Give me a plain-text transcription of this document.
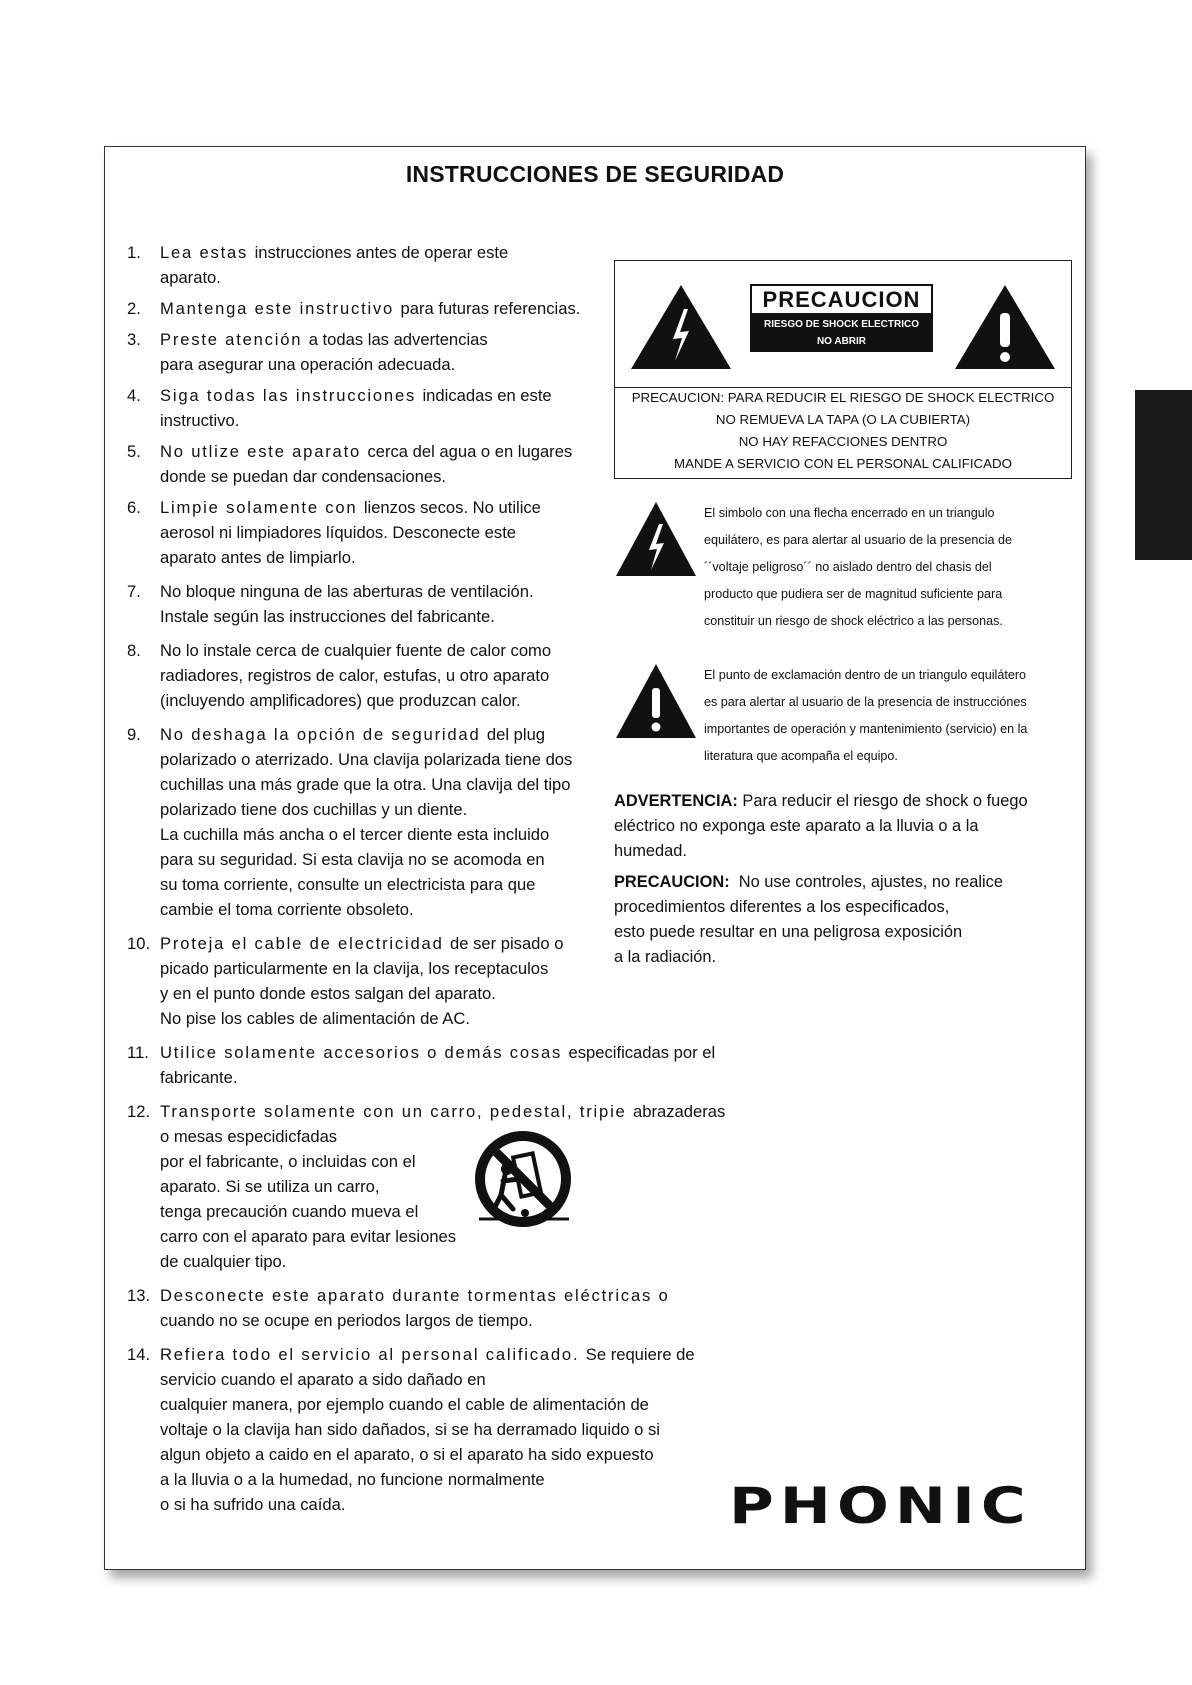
INSTRUCCIONES DE SEGURIDAD
1. Lea estas instrucciones antes de operar este
aparato.
2. Mantenga este instructivo para futuras referencias.
3. Preste atención a todas las advertencias
para asegurar una operación adecuada.
4. Siga todas las instrucciones indicadas en este
instructivo.
5. No utlize este aparato cerca del agua o en lugares
donde se puedan dar condensaciones.
6. Limpie solamente con lienzos secos. No utilice
aerosol ni limpiadores líquidos. Desconecte este
aparato antes de limpiarlo.
7. No bloque ninguna de las aberturas de ventilación.
Instale según las instrucciones del fabricante.
8. No lo instale cerca de cualquier fuente de calor como
radiadores, registros de calor, estufas, u otro aparato
(incluyendo amplificadores) que produzcan calor.
9. No deshaga la opción de seguridad del plug
polarizado o aterrizado. Una clavija polarizada tiene dos
cuchillas una más grade que la otra. Una clavija del tipo
polarizado tiene dos cuchillas y un diente.
La cuchilla más ancha o el tercer diente esta incluido
para su seguridad. Si esta clavija no se acomoda en
su toma corriente, consulte un electricista para que
cambie el toma corriente obsoleto.
10. Proteja el cable de electricidad de ser pisado o
picado particularmente en la clavija, los receptaculos
y en el punto donde estos salgan del aparato.
No pise los cables de alimentación de AC.
11. Utilice solamente accesorios o demás cosas especificadas por el fabricante.
12. Transporte solamente con un carro, pedestal, tripie abrazaderas o mesas especidicfadas
por el fabricante, o incluidas con el
aparato. Si se utiliza un carro,
tenga precaución cuando mueva el
carro con el aparato para evitar lesiones
de cualquier tipo.
13. Desconecte este aparato durante tormentas eléctricas o cuando no se ocupe en periodos largos de tiempo.
14. Refiera todo el servicio al personal calificado. Se requiere de servicio cuando el aparato a sido dañado en
cualquier manera, por ejemplo cuando el cable de alimentación de
voltaje o la clavija han sido dañados, si se ha derramado liquido o si
algun objeto a caido en el aparato, o si el aparato ha sido expuesto
a la lluvia o a la humedad, no funcione normalmente
o si ha sufrido una caída.
PRECAUCION
RIESGO DE SHOCK ELECTRICO
NO ABRIR
PRECAUCION: PARA REDUCIR EL RIESGO DE SHOCK ELECTRICO
NO REMUEVA LA TAPA (O LA CUBIERTA)
NO HAY REFACCIONES DENTRO
MANDE A SERVICIO CON EL PERSONAL CALIFICADO
El simbolo con una flecha encerrado en un triangulo
equilátero, es para alertar al usuario de la presencia de
´´voltaje peligroso´´ no aislado dentro del chasis del
producto que pudiera ser de magnitud suficiente para
constituir un riesgo de shock eléctrico a las personas.
El punto de exclamación dentro de un triangulo equilátero
es para alertar al usuario de la presencia de instrucciónes
importantes de operación y mantenimiento (servicio) en la
literatura que acompaña el equipo.

ADVERTENCIA: Para reducir el riesgo de shock o fuego
eléctrico no exponga este aparato a la lluvia o a la
humedad.

PRECAUCION: No use controles, ajustes, no realice
procedimientos diferentes a los especificados,
esto puede resultar en una peligrosa exposición
a la radiación.

PHONIC
